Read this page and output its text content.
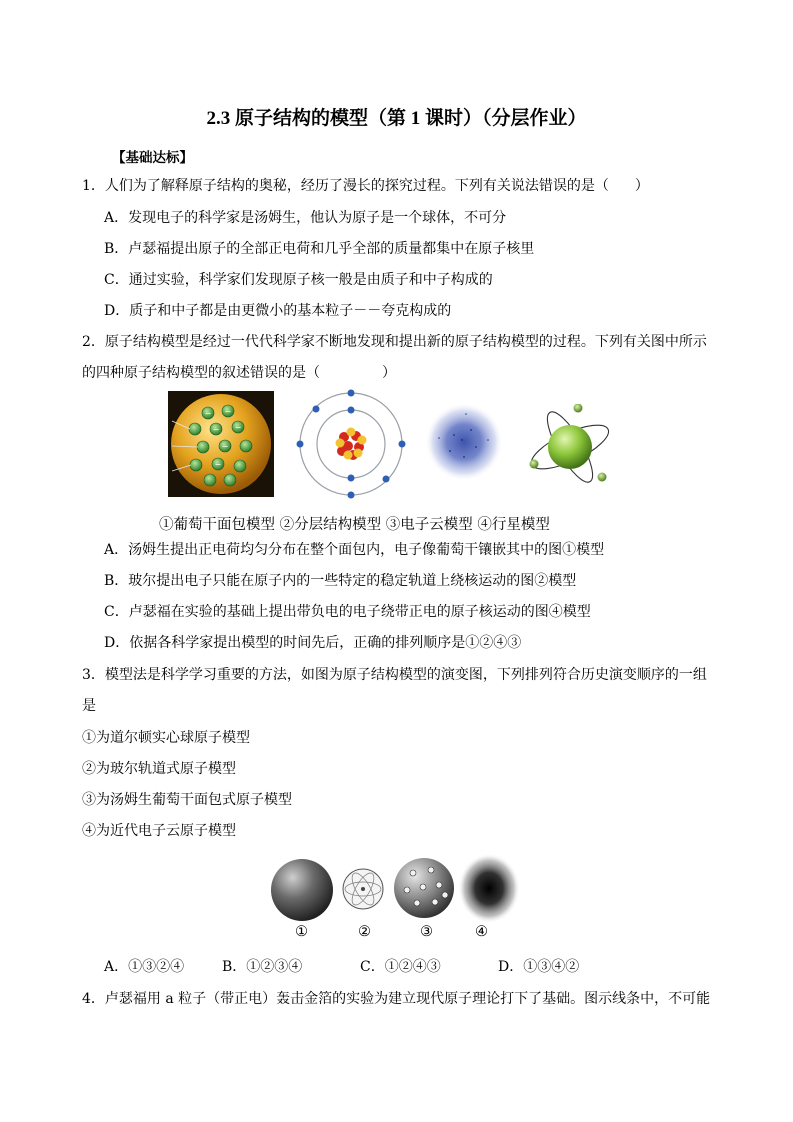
2.3 原子结构的模型（第 1 课时）（分层作业）
【基础达标】
1．人们为了解释原子结构的奥秘，经历了漫长的探究过程。下列有关说法错误的是（ ）
A．发现电子的科学家是汤姆生，他认为原子是一个球体，不可分
B．卢瑟福提出原子的全部正电荷和几乎全部的质量都集中在原子核里
C．通过实验，科学家们发现原子核一般是由质子和中子构成的
D．质子和中子都是由更微小的基本粒子－－夸克构成的
2．原子结构模型是经过一代代科学家不断地发现和提出新的原子结构模型的过程。下列有关图中所示
的四种原子结构模型的叙述错误的是（	）
− −
− −
−
−
①葡萄干面包模型 ②分层结构模型 ③电子云模型 ④行星模型
A．汤姆生提出正电荷均匀分布在整个面包内，电子像葡萄干镶嵌其中的图①模型
B．玻尔提出电子只能在原子内的一些特定的稳定轨道上绕核运动的图②模型
C．卢瑟福在实验的基础上提出带负电的电子绕带正电的原子核运动的图④模型
D．依据各科学家提出模型的时间先后，正确的排列顺序是①②④③
3．模型法是科学学习重要的方法，如图为原子结构模型的演变图，下列排列符合历史演变顺序的一组
是
①为道尔顿实心球原子模型
②为玻尔轨道式原子模型
③为汤姆生葡萄干面包式原子模型
④为近代电子云原子模型
①	②	③	④
A．①③②④	B．①②③④	C．①②④③	D．①③④②
4．卢瑟福用 a 粒子（带正电）轰击金箔的实验为建立现代原子理论打下了基础。图示线条中，不可能
